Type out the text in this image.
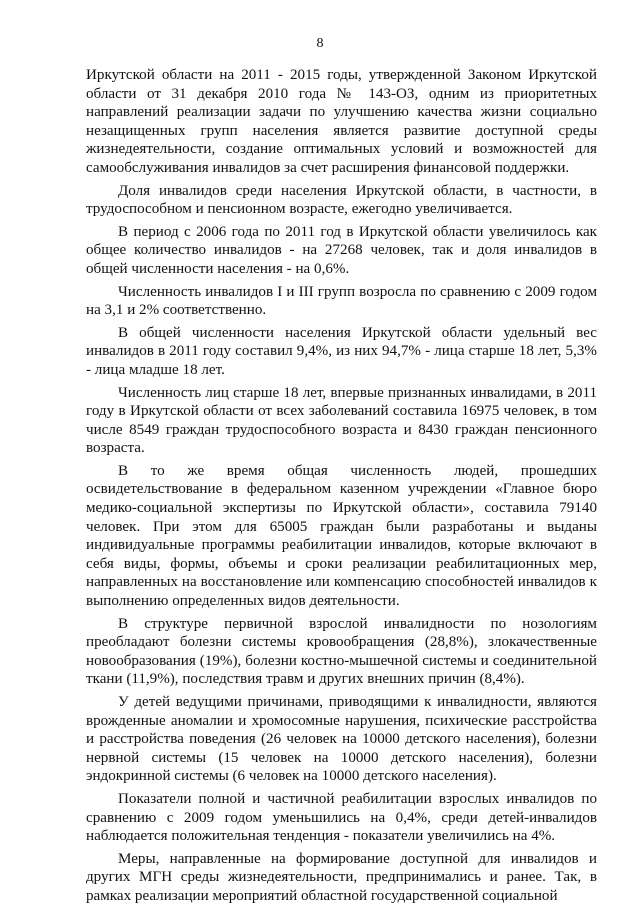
8

Иркутской области на 2011 - 2015 годы, утвержденной Законом Иркутской области от 31 декабря 2010 года № 143-ОЗ, одним из приоритетных направлений реализации задачи по улучшению качества жизни социально незащищенных групп населения является развитие доступной среды жизнедеятельности, создание оптимальных условий и возможностей для самообслуживания инвалидов за счет расширения финансовой поддержки.

Доля инвалидов среди населения Иркутской области, в частности, в трудоспособном и пенсионном возрасте, ежегодно увеличивается.

В период с 2006 года по 2011 год в Иркутской области увеличилось как общее количество инвалидов - на 27268 человек, так и доля инвалидов в общей численности населения - на 0,6%.

Численность инвалидов I и III групп возросла по сравнению с 2009 годом на 3,1 и 2% соответственно.

В общей численности населения Иркутской области удельный вес инвалидов в 2011 году составил 9,4%, из них 94,7% - лица старше 18 лет, 5,3% - лица младше 18 лет.

Численность лиц старше 18 лет, впервые признанных инвалидами, в 2011 году в Иркутской области от всех заболеваний составила 16975 человек, в том числе 8549 граждан трудоспособного возраста и 8430 граждан пенсионного возраста.

В то же время общая численность людей, прошедших освидетельствование в федеральном казенном учреждении «Главное бюро медико-социальной экспертизы по Иркутской области», составила 79140 человек. При этом для 65005 граждан были разработаны и выданы индивидуальные программы реабилитации инвалидов, которые включают в себя виды, формы, объемы и сроки реализации реабилитационных мер, направленных на восстановление или компенсацию способностей инвалидов к выполнению определенных видов деятельности.

В структуре первичной взрослой инвалидности по нозологиям преобладают болезни системы кровообращения (28,8%), злокачественные новообразования (19%), болезни костно-мышечной системы и соединительной ткани (11,9%), последствия травм и других внешних причин (8,4%).

У детей ведущими причинами, приводящими к инвалидности, являются врожденные аномалии и хромосомные нарушения, психические расстройства и расстройства поведения (26 человек на 10000 детского населения), болезни нервной системы (15 человек на 10000 детского населения), болезни эндокринной системы (6 человек на 10000 детского населения).

Показатели полной и частичной реабилитации взрослых инвалидов по сравнению с 2009 годом уменьшились на 0,4%, среди детей-инвалидов наблюдается положительная тенденция - показатели увеличились на 4%.

Меры, направленные на формирование доступной для инвалидов и других МГН среды жизнедеятельности, предпринимались и ранее. Так, в рамках реализации мероприятий областной государственной социальной
